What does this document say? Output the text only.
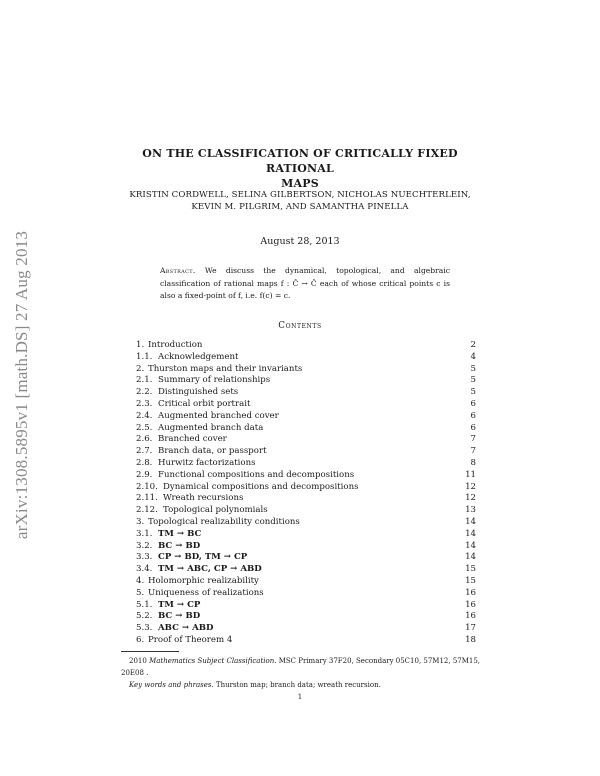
arXiv:1308.5895v1 [math.DS] 27 Aug 2013
ON THE CLASSIFICATION OF CRITICALLY FIXED RATIONAL
MAPS
KRISTIN CORDWELL, SELINA GILBERTSON, NICHOLAS NUECHTERLEIN,
KEVIN M. PILGRIM, AND SAMANTHA PINELLA
August 28, 2013
Abstract. We discuss the dynamical, topological, and algebraic classification of rational maps f : Ĉ → Ĉ each of whose critical points c is also a fixed-point of f, i.e. f(c) = c.
Contents
1. Introduction	2
1.1. Acknowledgement	4
2. Thurston maps and their invariants	5
2.1. Summary of relationships	5
2.2. Distinguished sets	5
2.3. Critical orbit portrait	6
2.4. Augmented branched cover	6
2.5. Augmented branch data	6
2.6. Branched cover	7
2.7. Branch data, or passport	7
2.8. Hurwitz factorizations	8
2.9. Functional compositions and decompositions	11
2.10. Dynamical compositions and decompositions	12
2.11. Wreath recursions	12
2.12. Topological polynomials	13
3. Topological realizability conditions	14
3.1. TM → BC	14
3.2. BC → BD	14
3.3. CP → BD, TM → CP	14
3.4. TM → ABC, CP → ABD	15
4. Holomorphic realizability	15
5. Uniqueness of realizations	16
5.1. TM → CP	16
5.2. BC → BD	16
5.3. ABC → ABD	17
6. Proof of Theorem 4	18

2010 Mathematics Subject Classification. MSC Primary 37F20, Secondary 05C10, 57M12, 57M15, 20E08 .

Key words and phrases. Thurston map; branch data; wreath recursion.

1
